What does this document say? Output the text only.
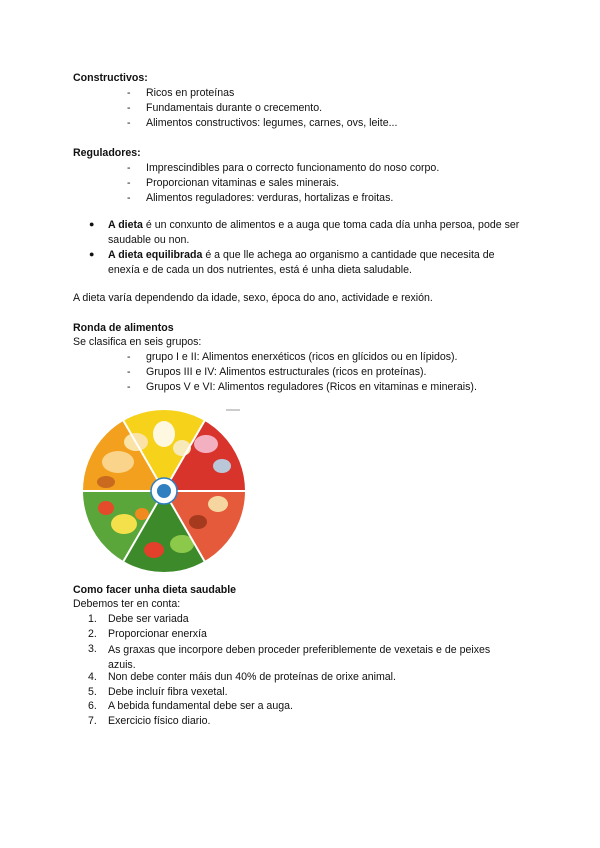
Constructivos:
- Ricos en proteínas
- Fundamentais durante o crecemento.
- Alimentos constructivos: legumes, carnes, ovs, leite...
Reguladores:
- Imprescindibles para o correcto funcionamento do noso corpo.
- Proporcionan vitaminas e sales minerais.
- Alimentos reguladores: verduras, hortalizas e froitas.
● A dieta é un conxunto de alimentos e a auga que toma cada día unha persoa, pode ser saudable ou non.
● A dieta equilibrada é a que lle achega ao organismo a cantidade que necesita de enexía e de cada un dos nutrientes, está é unha dieta saludable.
A dieta varía dependendo da idade, sexo, época do ano, actividade e rexión.
Ronda de alimentos
Se clasifica en seis grupos:
- grupo I e II: Alimentos enerxéticos (ricos en glícidos ou en lípidos).
- Grupos III e IV: Alimentos estructurales (ricos en proteínas).
- Grupos V e VI: Alimentos reguladores (Ricos en vitaminas e minerais).
Como facer unha dieta saudable
Debemos ter en conta:
1. Debe ser variada
2. Proporcionar enerxía
3. As graxas que incorpore deben proceder preferiblemente de vexetais e de peixes azuis.
4. Non debe conter máis dun 40% de proteínas de orixe animal.
5. Debe incluír fibra vexetal.
6. A bebida fundamental debe ser a auga.
7. Exercicio físico diario.
